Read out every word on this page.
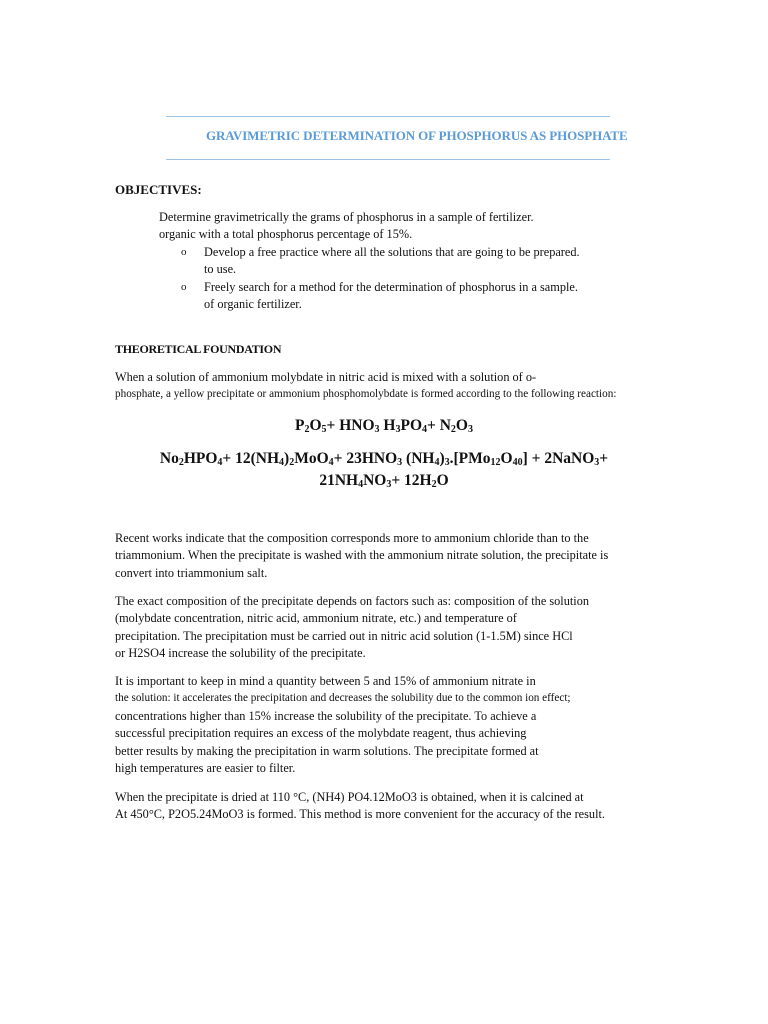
GRAVIMETRIC DETERMINATION OF PHOSPHORUS AS PHOSPHATE
OBJECTIVES:
Determine gravimetrically the grams of phosphorus in a sample of fertilizer.
organic with a total phosphorus percentage of 15%.
o Develop a free practice where all the solutions that are going to be prepared.
to use.
o Freely search for a method for the determination of phosphorus in a sample.
of organic fertilizer.
THEORETICAL FOUNDATION
When a solution of ammonium molybdate in nitric acid is mixed with a solution of o-
phosphate, a yellow precipitate or ammonium phosphomolybdate is formed according to the following reaction:
$P_2O_5+ HNO_3$ $H_3PO_4+ N_2O_3$
$No_2HPO_4+ 12(NH_4)_2MoO_4+ 23HNO_3$ $(NH_4)_3.[PMo_{12}O_{40}]$ + 2NaNO$_3$+
$21NH_4NO_3+ 12H_2O$
Recent works indicate that the composition corresponds more to ammonium chloride than to the
triammonium. When the precipitate is washed with the ammonium nitrate solution, the precipitate is
convert into triammonium salt.
The exact composition of the precipitate depends on factors such as: composition of the solution
(molybdate concentration, nitric acid, ammonium nitrate, etc.) and temperature of
precipitation. The precipitation must be carried out in nitric acid solution (1-1.5M) since HCl
or H2SO4 increase the solubility of the precipitate.
It is important to keep in mind a quantity between 5 and 15% of ammonium nitrate in
the solution: it accelerates the precipitation and decreases the solubility due to the common ion effect;
concentrations higher than 15% increase the solubility of the precipitate. To achieve a
successful precipitation requires an excess of the molybdate reagent, thus achieving
better results by making the precipitation in warm solutions. The precipitate formed at
high temperatures are easier to filter.
When the precipitate is dried at 110 °C, (NH4) PO4.12MoO3 is obtained, when it is calcined at
At 450°C, P2O5.24MoO3 is formed. This method is more convenient for the accuracy of the result.
